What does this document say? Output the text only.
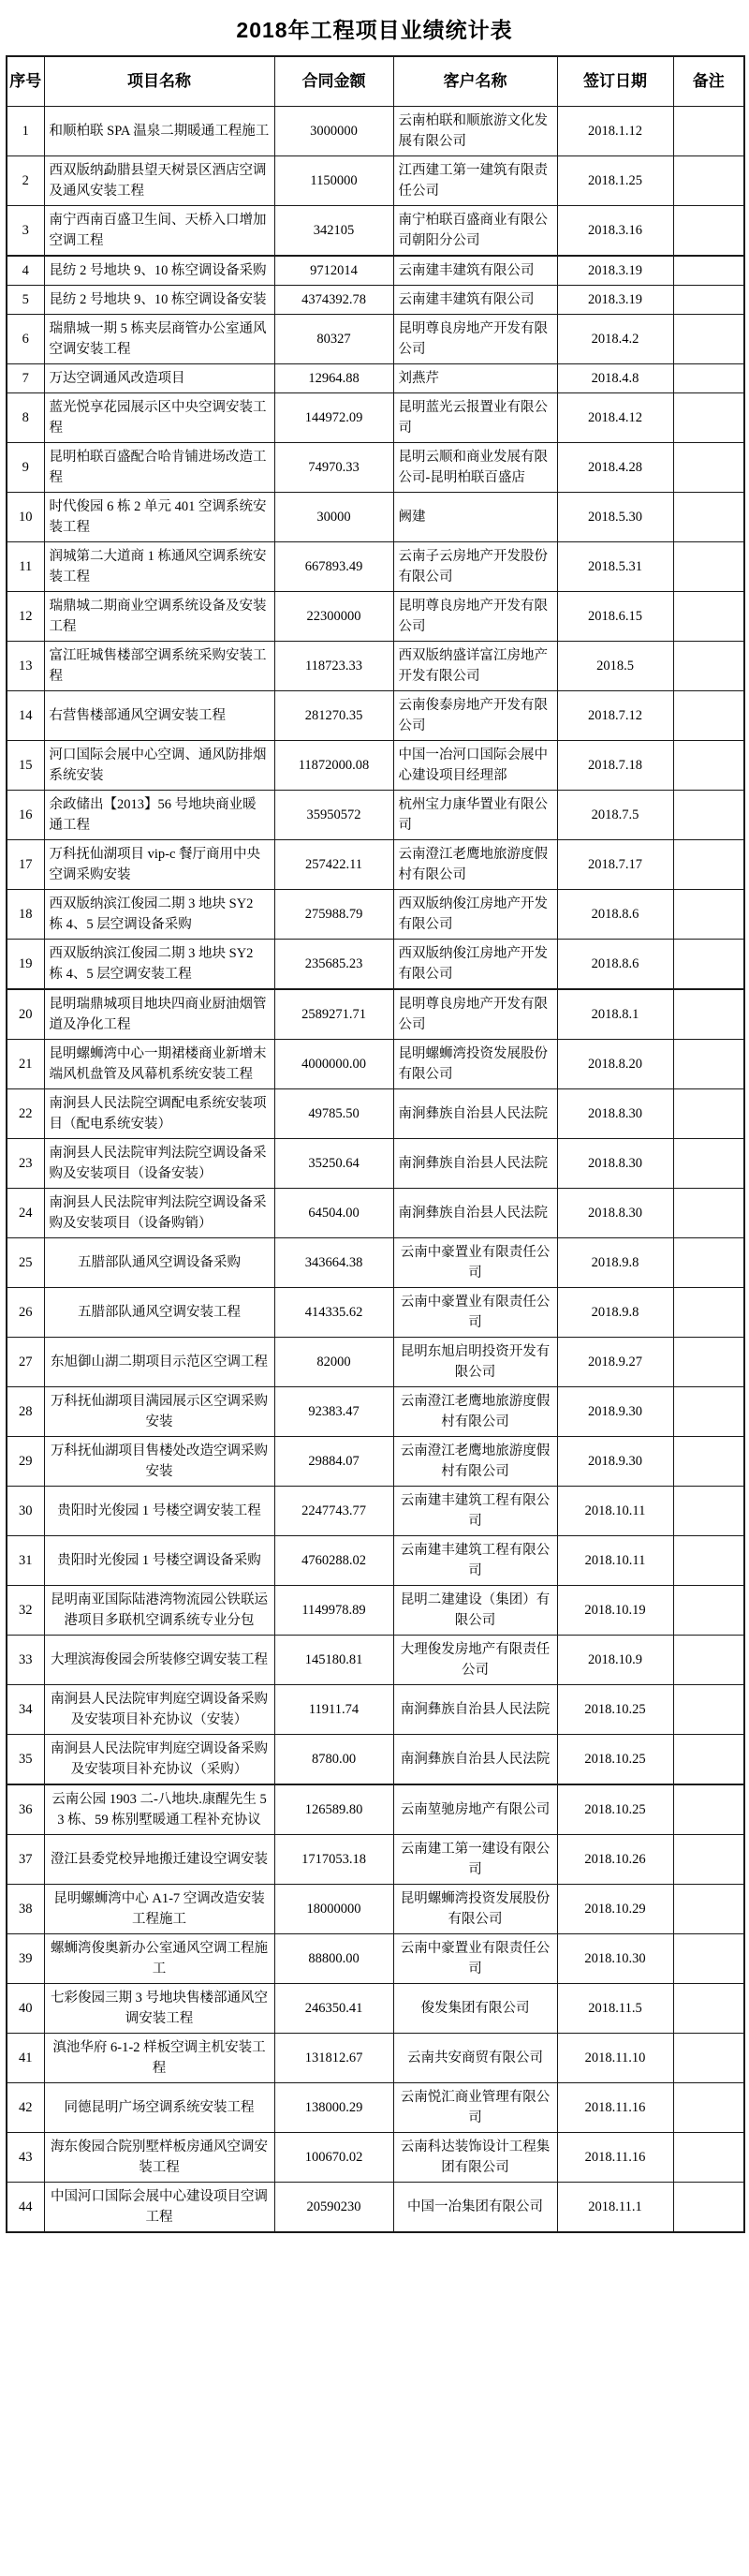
2018年工程项目业绩统计表
序号	项目名称	合同金额	客户名称	签订日期	备注
1	和顺柏联 SPA 温泉二期暖通工程施工	3000000	云南柏联和顺旅游文化发展有限公司	2018.1.12	
2	西双版纳勐腊县望天树景区酒店空调及通风安装工程	1150000	江西建工第一建筑有限责任公司	2018.1.25	
3	南宁西南百盛卫生间、天桥入口增加空调工程	342105	南宁柏联百盛商业有限公司朝阳分公司	2018.3.16	
4	昆纺 2 号地块 9、10 栋空调设备采购	9712014	云南建丰建筑有限公司	2018.3.19	
5	昆纺 2 号地块 9、10 栋空调设备安装	4374392.78	云南建丰建筑有限公司	2018.3.19	
6	瑞鼎城一期 5 栋夹层商管办公室通风空调安装工程	80327	昆明尊良房地产开发有限公司	2018.4.2	
7	万达空调通风改造项目	12964.88	刘燕芹	2018.4.8	
8	蓝光悦享花园展示区中央空调安装工程	144972.09	昆明蓝光云报置业有限公司	2018.4.12	
9	昆明柏联百盛配合哈肯铺进场改造工程	74970.33	昆明云顺和商业发展有限公司-昆明柏联百盛店	2018.4.28	
10	时代俊园 6 栋 2 单元 401 空调系统安装工程	30000	阙建	2018.5.30	
11	润城第二大道商 1 栋通风空调系统安装工程	667893.49	云南子云房地产开发股份有限公司	2018.5.31	
12	瑞鼎城二期商业空调系统设备及安装工程	22300000	昆明尊良房地产开发有限公司	2018.6.15	
13	富江旺城售楼部空调系统采购安装工程	118723.33	西双版纳盛详富江房地产开发有限公司	2018.5	
14	右营售楼部通风空调安装工程	281270.35	云南俊泰房地产开发有限公司	2018.7.12	
15	河口国际会展中心空调、通风防排烟系统安装	11872000.08	中国一冶河口国际会展中心建设项目经理部	2018.7.18	
16	余政储出【2013】56 号地块商业暖通工程	35950572	杭州宝力康华置业有限公司	2018.7.5	
17	万科抚仙湖项目 vip-c 餐厅商用中央空调采购安装	257422.11	云南澄江老鹰地旅游度假村有限公司	2018.7.17	
18	西双版纳滨江俊园二期 3 地块 SY2 栋 4、5 层空调设备采购	275988.79	西双版纳俊江房地产开发有限公司	2018.8.6	
19	西双版纳滨江俊园二期 3 地块 SY2 栋 4、5 层空调安装工程	235685.23	西双版纳俊江房地产开发有限公司	2018.8.6	
20	昆明瑞鼎城项目地块四商业厨油烟管道及净化工程	2589271.71	昆明尊良房地产开发有限公司	2018.8.1	
21	昆明螺蛳湾中心一期裙楼商业新增末端风机盘管及风幕机系统安装工程	4000000.00	昆明螺蛳湾投资发展股份有限公司	2018.8.20	
22	南涧县人民法院空调配电系统安装项目（配电系统安装）	49785.50	南涧彝族自治县人民法院	2018.8.30	
23	南涧县人民法院审判法院空调设备采购及安装项目（设备安装）	35250.64	南涧彝族自治县人民法院	2018.8.30	
24	南涧县人民法院审判法院空调设备采购及安装项目（设备购销）	64504.00	南涧彝族自治县人民法院	2018.8.30	
25	五腊部队通风空调设备采购	343664.38	云南中豪置业有限责任公司	2018.9.8	
26	五腊部队通风空调安装工程	414335.62	云南中豪置业有限责任公司	2018.9.8	
27	东旭御山湖二期项目示范区空调工程	82000	昆明东旭启明投资开发有限公司	2018.9.27	
28	万科抚仙湖项目满园展示区空调采购安装	92383.47	云南澄江老鹰地旅游度假村有限公司	2018.9.30	
29	万科抚仙湖项目售楼处改造空调采购安装	29884.07	云南澄江老鹰地旅游度假村有限公司	2018.9.30	
30	贵阳时光俊园 1 号楼空调安装工程	2247743.77	云南建丰建筑工程有限公司	2018.10.11	
31	贵阳时光俊园 1 号楼空调设备采购	4760288.02	云南建丰建筑工程有限公司	2018.10.11	
32	昆明南亚国际陆港湾物流园公铁联运港项目多联机空调系统专业分包	1149978.89	昆明二建建设（集团）有限公司	2018.10.19	
33	大理滨海俊园会所装修空调安装工程	145180.81	大理俊发房地产有限责任公司	2018.10.9	
34	南涧县人民法院审判庭空调设备采购及安装项目补充协议（安装）	11911.74	南涧彝族自治县人民法院	2018.10.25	
35	南涧县人民法院审判庭空调设备采购及安装项目补充协议（采购）	8780.00	南涧彝族自治县人民法院	2018.10.25	
36	云南公园 1903 二-八地块.康醒先生 53 栋、59 栋别墅暖通工程补充协议	126589.80	云南堃驰房地产有限公司	2018.10.25	
37	澄江县委党校异地搬迁建设空调安装	1717053.18	云南建工第一建设有限公司	2018.10.26	
38	昆明螺蛳湾中心 A1-7 空调改造安装工程施工	18000000	昆明螺蛳湾投资发展股份有限公司	2018.10.29	
39	螺蛳湾俊奥新办公室通风空调工程施工	88800.00	云南中豪置业有限责任公司	2018.10.30	
40	七彩俊园三期 3 号地块售楼部通风空调安装工程	246350.41	俊发集团有限公司	2018.11.5	
41	滇池华府 6-1-2 样板空调主机安装工程	131812.67	云南共安商贸有限公司	2018.11.10	
42	同德昆明广场空调系统安装工程	138000.29	云南悦汇商业管理有限公司	2018.11.16	
43	海东俊园合院别墅样板房通风空调安装工程	100670.02	云南科达装饰设计工程集团有限公司	2018.11.16	
44	中国河口国际会展中心建设项目空调工程	20590230	中国一冶集团有限公司	2018.11.1	
